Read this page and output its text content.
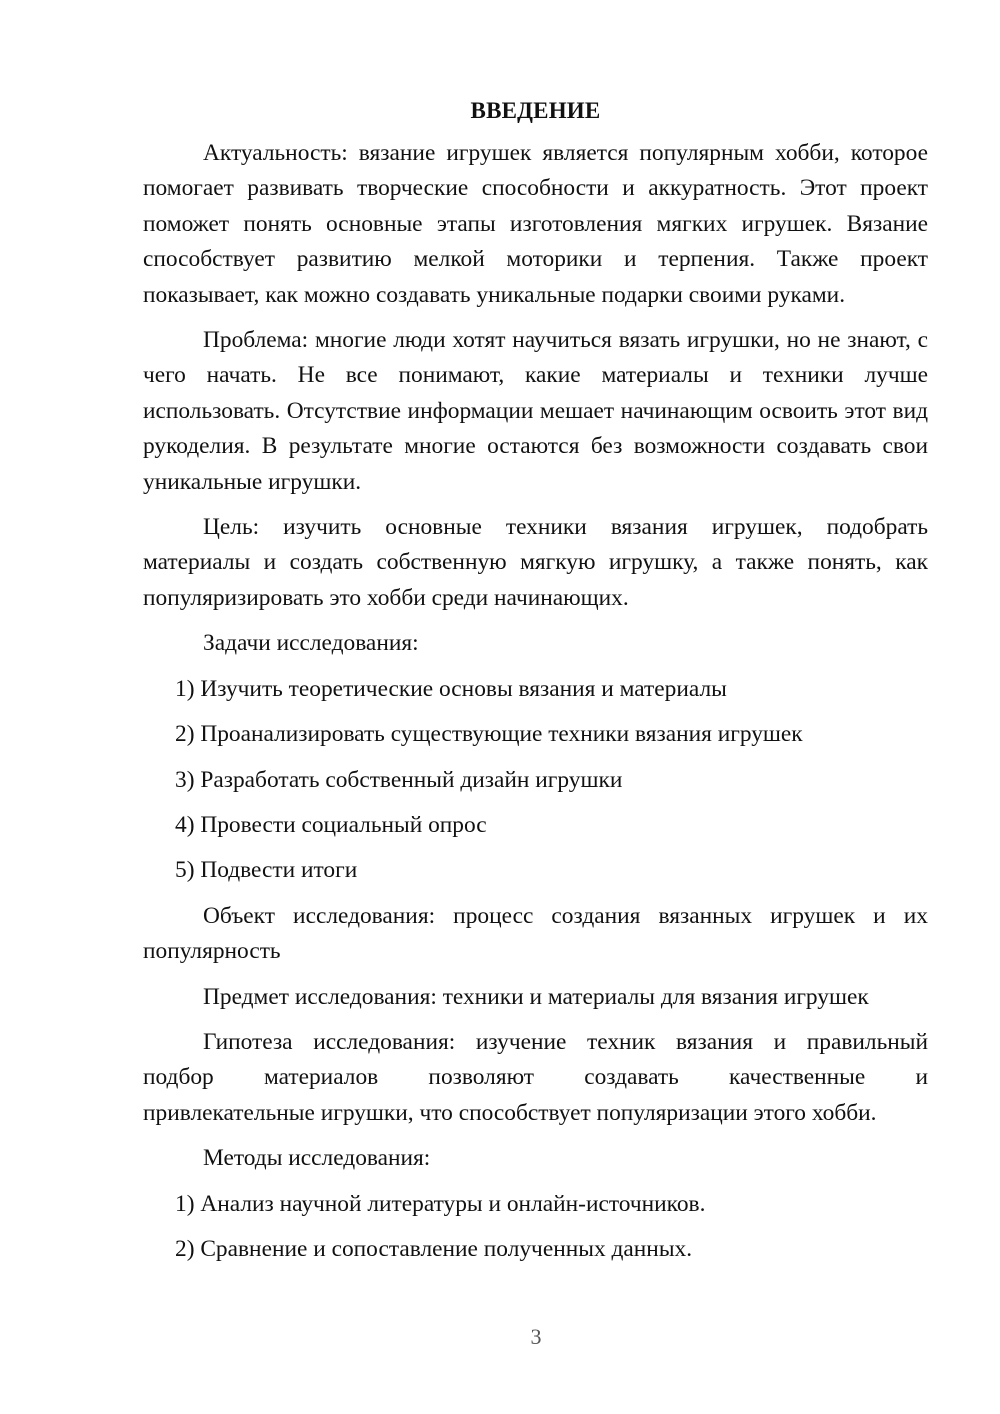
ВВЕДЕНИЕ

Актуальность: вязание игрушек является популярным хобби, которое помогает развивать творческие способности и аккуратность. Этот проект поможет понять основные этапы изготовления мягких игрушек. Вязание способствует развитию мелкой моторики и терпения. Также проект показывает, как можно создавать уникальные подарки своими руками.

Проблема: многие люди хотят научиться вязать игрушки, но не знают, с чего начать. Не все понимают, какие материалы и техники лучше использовать. Отсутствие информации мешает начинающим освоить этот вид рукоделия. В результате многие остаются без возможности создавать свои уникальные игрушки.

Цель: изучить основные техники вязания игрушек, подобрать материалы и создать собственную мягкую игрушку, а также понять, как популяризировать это хобби среди начинающих.

Задачи исследования:

1) Изучить теоретические основы вязания и материалы

2) Проанализировать существующие техники вязания игрушек

3) Разработать собственный дизайн игрушки

4) Провести социальный опрос

5) Подвести итоги

Объект исследования: процесс создания вязанных игрушек и их популярность

Предмет исследования: техники и материалы для вязания игрушек

Гипотеза исследования: изучение техник вязания и правильный
подбор материалов позволяют создавать качественные и
привлекательные игрушки, что способствует популяризации этого хобби.

Методы исследования:

1) Анализ научной литературы и онлайн-источников.

2) Сравнение и сопоставление полученных данных.

3
